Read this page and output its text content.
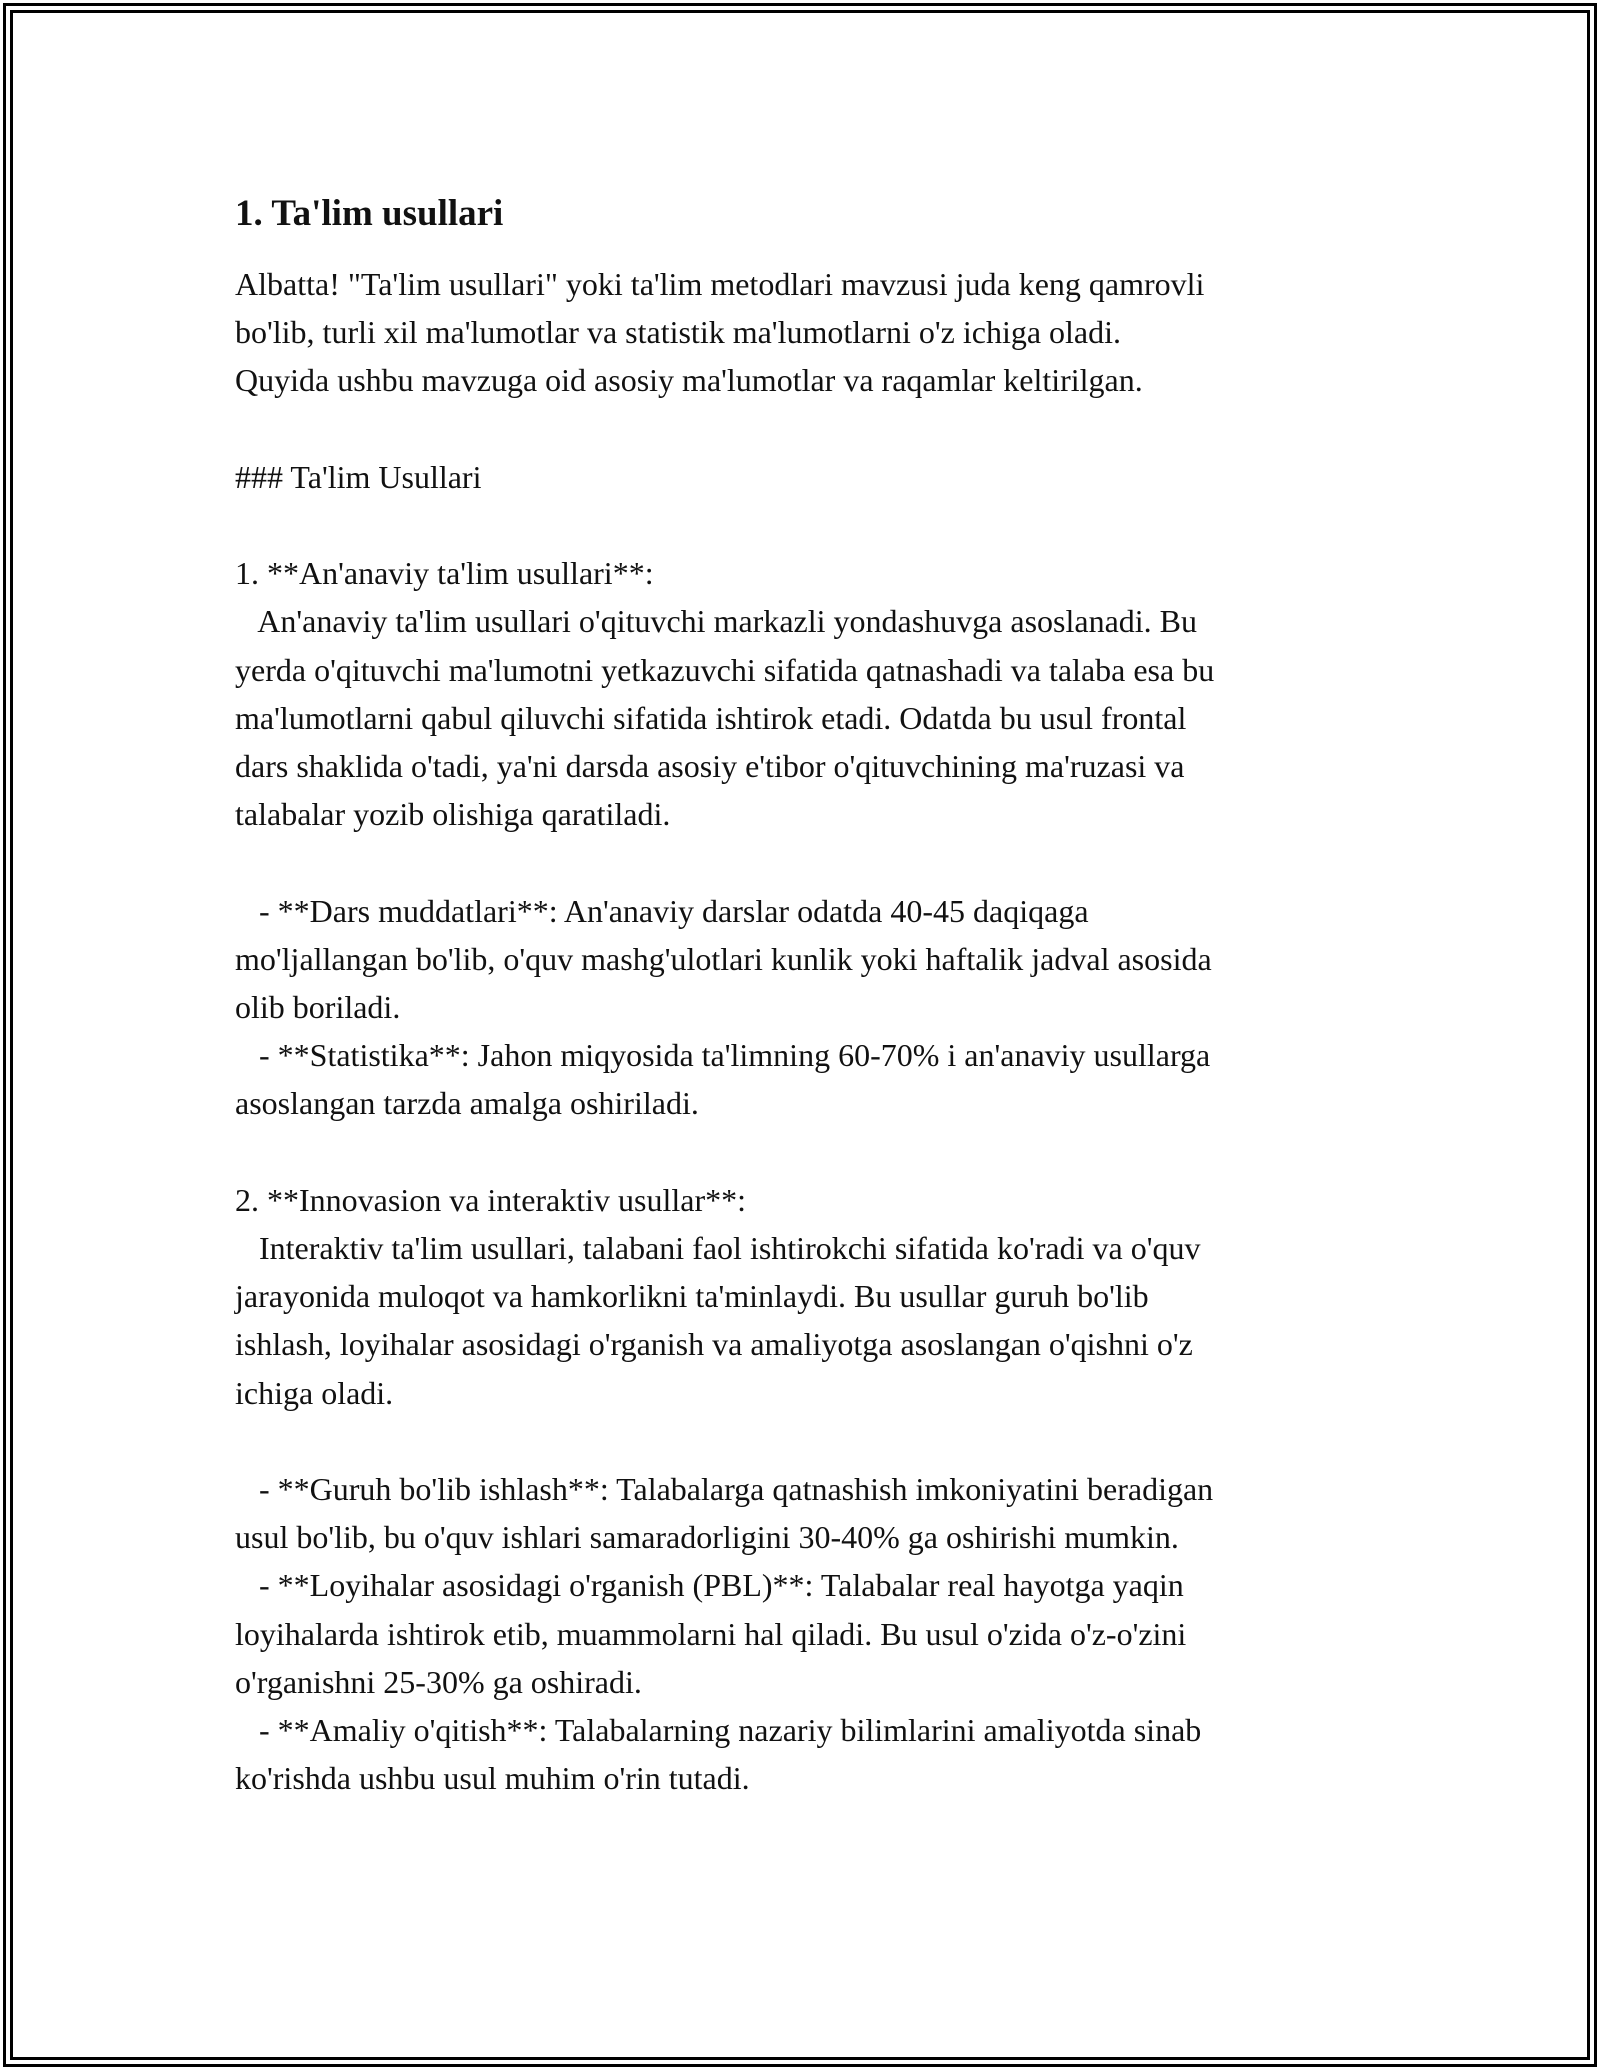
1. Ta'lim usullari
Albatta! "Ta'lim usullari" yoki ta'lim metodlari mavzusi juda keng qamrovli
bo'lib, turli xil ma'lumotlar va statistik ma'lumotlarni o'z ichiga oladi.
Quyida ushbu mavzuga oid asosiy ma'lumotlar va raqamlar keltirilgan.
### Ta'lim Usullari
1. **An'anaviy ta'lim usullari**:
An'anaviy ta'lim usullari o'qituvchi markazli yondashuvga asoslanadi. Bu
yerda o'qituvchi ma'lumotni yetkazuvchi sifatida qatnashadi va talaba esa bu
ma'lumotlarni qabul qiluvchi sifatida ishtirok etadi. Odatda bu usul frontal
dars shaklida o'tadi, ya'ni darsda asosiy e'tibor o'qituvchining ma'ruzasi va
talabalar yozib olishiga qaratiladi.
- **Dars muddatlari**: An'anaviy darslar odatda 40-45 daqiqaga
mo'ljallangan bo'lib, o'quv mashg'ulotlari kunlik yoki haftalik jadval asosida
olib boriladi.
- **Statistika**: Jahon miqyosida ta'limning 60-70% i an'anaviy usullarga
asoslangan tarzda amalga oshiriladi.
2. **Innovasion va interaktiv usullar**:
Interaktiv ta'lim usullari, talabani faol ishtirokchi sifatida ko'radi va o'quv
jarayonida muloqot va hamkorlikni ta'minlaydi. Bu usullar guruh bo'lib
ishlash, loyihalar asosidagi o'rganish va amaliyotga asoslangan o'qishni o'z
ichiga oladi.
- **Guruh bo'lib ishlash**: Talabalarga qatnashish imkoniyatini beradigan
usul bo'lib, bu o'quv ishlari samaradorligini 30-40% ga oshirishi mumkin.
- **Loyihalar asosidagi o'rganish (PBL)**: Talabalar real hayotga yaqin
loyihalarda ishtirok etib, muammolarni hal qiladi. Bu usul o'zida o'z-o'zini
o'rganishni 25-30% ga oshiradi.
- **Amaliy o'qitish**: Talabalarning nazariy bilimlarini amaliyotda sinab
ko'rishda ushbu usul muhim o'rin tutadi.
